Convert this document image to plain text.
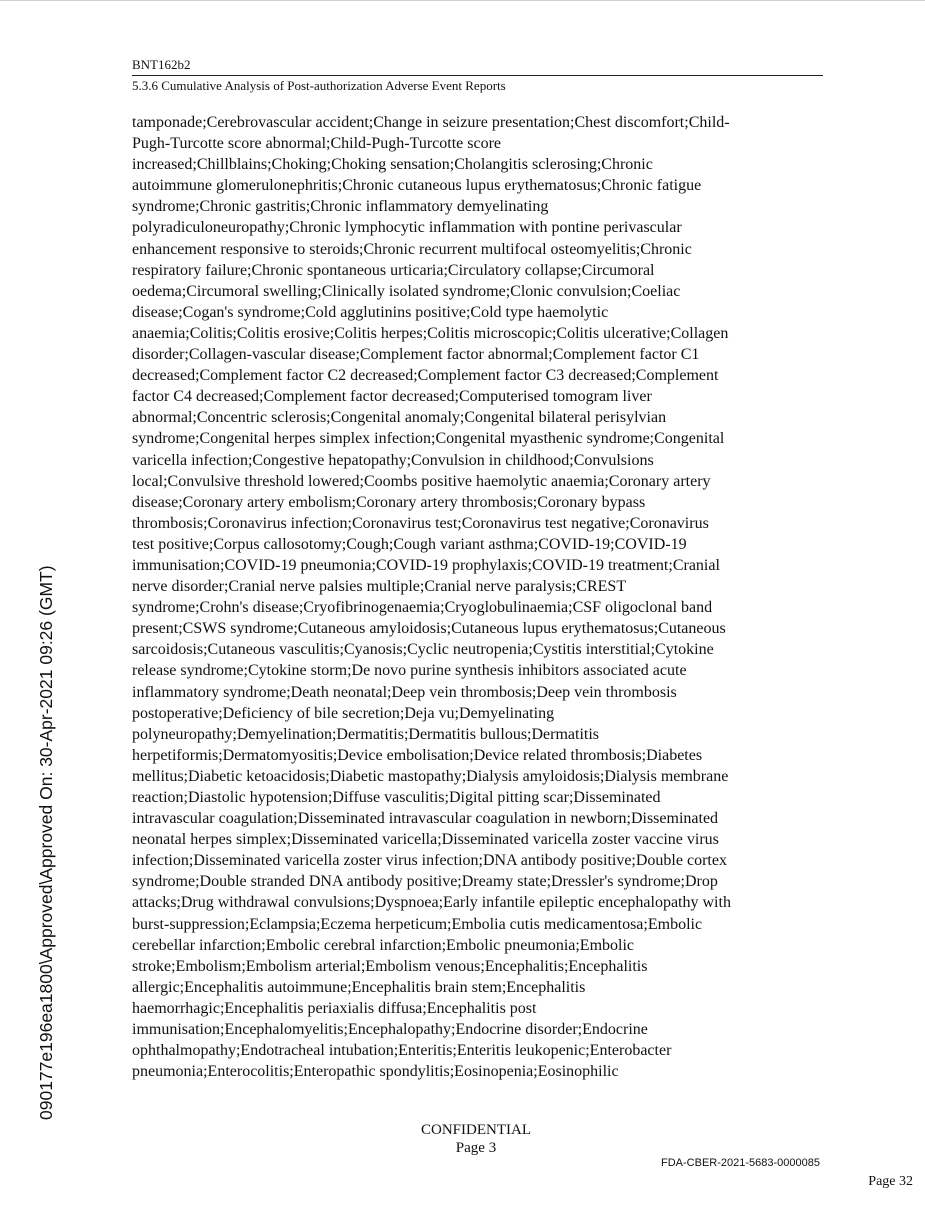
090177e196ea1800\Approved\Approved On: 30-Apr-2021 09:26 (GMT)
BNT162b2
5.3.6 Cumulative Analysis of Post-authorization Adverse Event Reports
tamponade;Cerebrovascular accident;Change in seizure presentation;Chest discomfort;Child-
Pugh-Turcotte score abnormal;Child-Pugh-Turcotte score
increased;Chillblains;Choking;Choking sensation;Cholangitis sclerosing;Chronic
autoimmune glomerulonephritis;Chronic cutaneous lupus erythematosus;Chronic fatigue
syndrome;Chronic gastritis;Chronic inflammatory demyelinating
polyradiculoneuropathy;Chronic lymphocytic inflammation with pontine perivascular
enhancement responsive to steroids;Chronic recurrent multifocal osteomyelitis;Chronic
respiratory failure;Chronic spontaneous urticaria;Circulatory collapse;Circumoral
oedema;Circumoral swelling;Clinically isolated syndrome;Clonic convulsion;Coeliac
disease;Cogan's syndrome;Cold agglutinins positive;Cold type haemolytic
anaemia;Colitis;Colitis erosive;Colitis herpes;Colitis microscopic;Colitis ulcerative;Collagen
disorder;Collagen-vascular disease;Complement factor abnormal;Complement factor C1
decreased;Complement factor C2 decreased;Complement factor C3 decreased;Complement
factor C4 decreased;Complement factor decreased;Computerised tomogram liver
abnormal;Concentric sclerosis;Congenital anomaly;Congenital bilateral perisylvian
syndrome;Congenital herpes simplex infection;Congenital myasthenic syndrome;Congenital
varicella infection;Congestive hepatopathy;Convulsion in childhood;Convulsions
local;Convulsive threshold lowered;Coombs positive haemolytic anaemia;Coronary artery
disease;Coronary artery embolism;Coronary artery thrombosis;Coronary bypass
thrombosis;Coronavirus infection;Coronavirus test;Coronavirus test negative;Coronavirus
test positive;Corpus callosotomy;Cough;Cough variant asthma;COVID-19;COVID-19
immunisation;COVID-19 pneumonia;COVID-19 prophylaxis;COVID-19 treatment;Cranial
nerve disorder;Cranial nerve palsies multiple;Cranial nerve paralysis;CREST
syndrome;Crohn's disease;Cryofibrinogenaemia;Cryoglobulinaemia;CSF oligoclonal band
present;CSWS syndrome;Cutaneous amyloidosis;Cutaneous lupus erythematosus;Cutaneous
sarcoidosis;Cutaneous vasculitis;Cyanosis;Cyclic neutropenia;Cystitis interstitial;Cytokine
release syndrome;Cytokine storm;De novo purine synthesis inhibitors associated acute
inflammatory syndrome;Death neonatal;Deep vein thrombosis;Deep vein thrombosis
postoperative;Deficiency of bile secretion;Deja vu;Demyelinating
polyneuropathy;Demyelination;Dermatitis;Dermatitis bullous;Dermatitis
herpetiformis;Dermatomyositis;Device embolisation;Device related thrombosis;Diabetes
mellitus;Diabetic ketoacidosis;Diabetic mastopathy;Dialysis amyloidosis;Dialysis membrane
reaction;Diastolic hypotension;Diffuse vasculitis;Digital pitting scar;Disseminated
intravascular coagulation;Disseminated intravascular coagulation in newborn;Disseminated
neonatal herpes simplex;Disseminated varicella;Disseminated varicella zoster vaccine virus
infection;Disseminated varicella zoster virus infection;DNA antibody positive;Double cortex
syndrome;Double stranded DNA antibody positive;Dreamy state;Dressler's syndrome;Drop
attacks;Drug withdrawal convulsions;Dyspnoea;Early infantile epileptic encephalopathy with
burst-suppression;Eclampsia;Eczema herpeticum;Embolia cutis medicamentosa;Embolic
cerebellar infarction;Embolic cerebral infarction;Embolic pneumonia;Embolic
stroke;Embolism;Embolism arterial;Embolism venous;Encephalitis;Encephalitis
allergic;Encephalitis autoimmune;Encephalitis brain stem;Encephalitis
haemorrhagic;Encephalitis periaxialis diffusa;Encephalitis post
immunisation;Encephalomyelitis;Encephalopathy;Endocrine disorder;Endocrine
ophthalmopathy;Endotracheal intubation;Enteritis;Enteritis leukopenic;Enterobacter
pneumonia;Enterocolitis;Enteropathic spondylitis;Eosinopenia;Eosinophilic
CONFIDENTIAL
Page 3
FDA-CBER-2021-5683-0000085
Page 32
